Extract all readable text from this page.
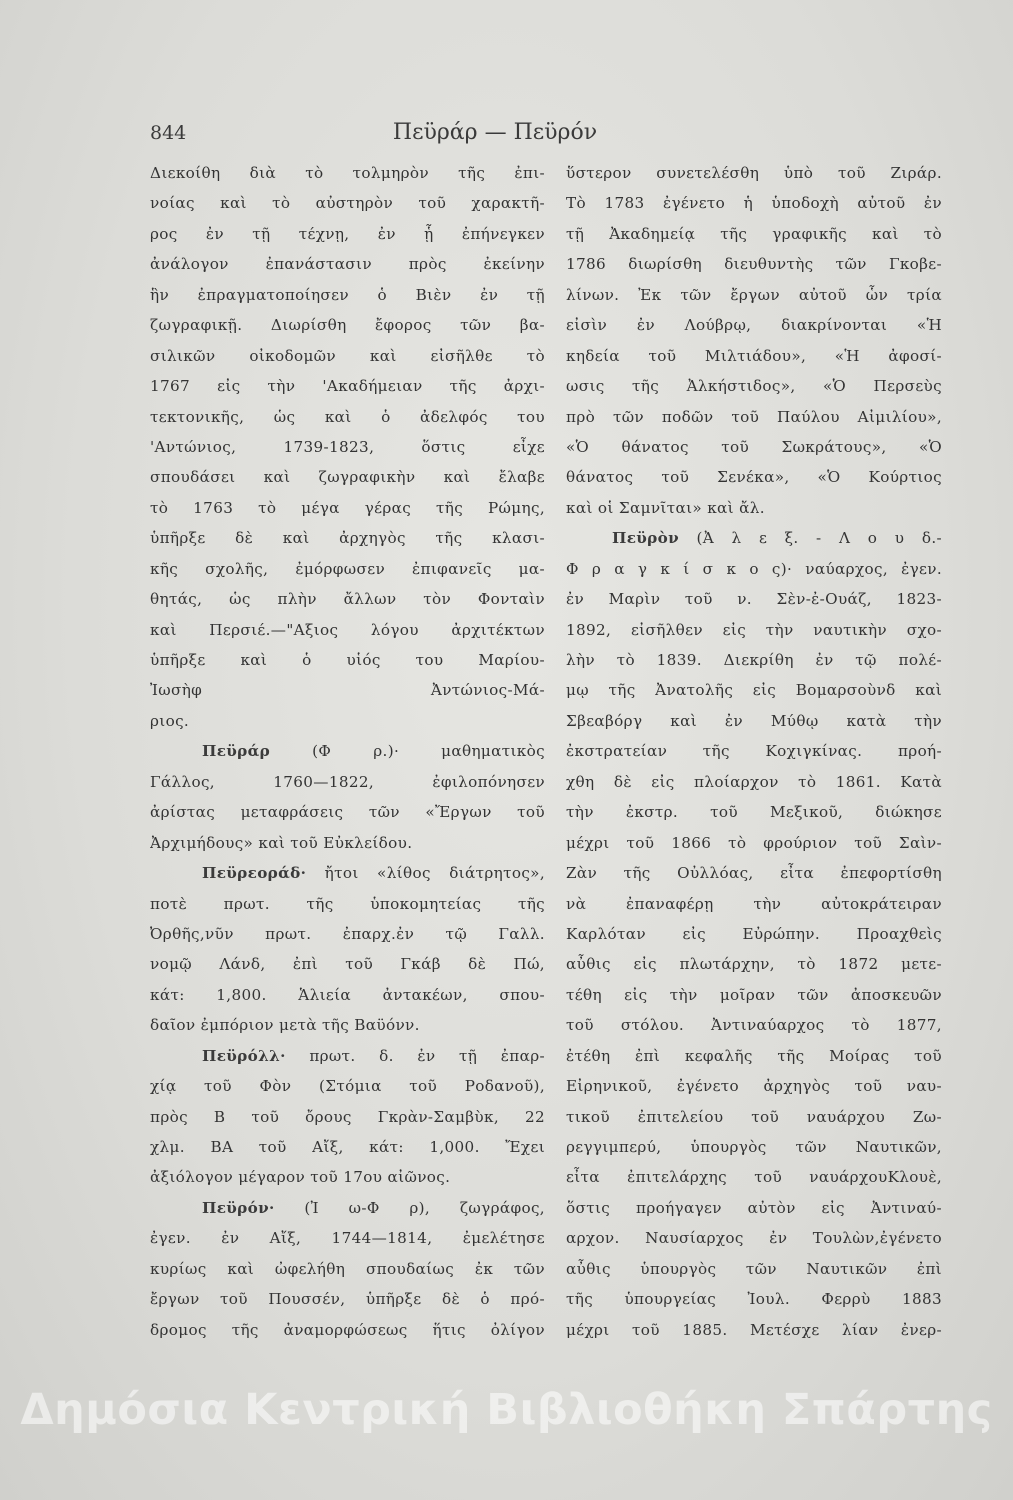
844	Πεϋράρ — Πεϋρόν
Διεκοίθη διὰ τὸ τολμηρὸν τῆς ἐπι-
νοίας καὶ τὸ αὐστηρὸν τοῦ χαρακτῆ-
ρος ἐν τῇ τέχνῃ, ἐν ᾗ ἐπήνεγκεν
ἀνάλογον ἐπανάστασιν πρὸς ἐκείνην
ἣν ἐπραγματοποίησεν ὁ Βιὲν ἐν τῇ
ζωγραφικῇ. Διωρίσθη ἔφορος τῶν βα-
σιλικῶν οἰκοδομῶν καὶ εἰσῆλθε τὸ
1767 εἰς τὴν 'Ακαδήμειαν τῆς ἀρχι-
τεκτονικῆς, ὡς καὶ ὁ ἀδελφός του
'Αντώνιος, 1739-1823, ὅστις εἶχε
σπουδάσει καὶ ζωγραφικὴν καὶ ἔλαβε
τὸ 1763 τὸ μέγα γέρας τῆς Ρώμης,
ὑπῆρξε δὲ καὶ ἀρχηγὸς τῆς κλασι-
κῆς σχολῆς, ἐμόρφωσεν ἐπιφανεῖς μα-
θητάς, ὡς πλὴν ἄλλων τὸν Φονταὶν
καὶ Περσιέ.—"Αξιος λόγου ἀρχιτέκτων
ὑπῆρξε καὶ ὁ υἱός του Μαρίου-
Ἰωσὴφ Ἀντώνιος-Μά-
ριος.
Πεϋράρ	(Φ ρ.)· μαθηματικὸς
Γάλλος, 1760—1822, ἐφιλοπόνησεν
ἀρίστας μεταφράσεις τῶν «Ἔργων τοῦ
Ἀρχιμήδους» καὶ τοῦ Εὐκλείδου.
Πεϋρεοράδ· ἤτοι «λίθος διάτρητος»,
ποτὲ πρωτ. τῆς ὑποκομητείας τῆς
Ὀρθῆς,νῦν πρωτ. ἐπαρχ.ἐν τῷ Γαλλ.
νομῷ Λάνδ, ἐπὶ τοῦ Γκάβ δὲ Πώ,
κάτ: 1,800. Ἁλιεία ἀντακέων, σπου-
δαῖον ἐμπόριον μετὰ τῆς Βαϋόνν.
Πεϋρόλλ· πρωτ. δ. ἐν τῇ ἐπαρ-
χίᾳ τοῦ Φὸν (Στόμια τοῦ Ροδανοῦ),
πρὸς Β τοῦ ὄρους Γκρὰν-Σαμβὺκ, 22
χλμ. ΒΑ τοῦ Αἴξ, κάτ: 1,000. Ἔχει
ἀξιόλογον μέγαρον τοῦ 17ου αἰῶνος.
Πεϋρόν· (Ἰ ω-Φ ρ), ζωγράφος,
ἐγεν. ἐν Αἴξ, 1744—1814, ἐμελέτησε
κυρίως καὶ ὠφελήθη σπουδαίως ἐκ τῶν
ἔργων τοῦ Πουσσέν, ὑπῆρξε δὲ ὁ πρό-
δρομος τῆς ἀναμορφώσεως ἥτις ὀλίγον
ὕστερον συνετελέσθη ὑπὸ τοῦ Ζιράρ.
Τὸ 1783 ἐγένετο ἡ ὑποδοχὴ αὐτοῦ ἐν
τῇ Ἀκαδημείᾳ τῆς γραφικῆς καὶ τὸ
1786 διωρίσθη διευθυντὴς τῶν Γκοβε-
λίνων. Ἐκ τῶν ἔργων αὐτοῦ ὧν τρία
εἰσὶν ἐν Λούβρῳ, διακρίνονται «Ἡ
κηδεία τοῦ Μιλτιάδου», «Ἡ ἀφοσί-
ωσις τῆς Ἀλκήστιδος», «Ὁ Περσεὺς
πρὸ τῶν ποδῶν τοῦ Παύλου Αἰμιλίου»,
«Ὁ θάνατος τοῦ Σωκράτους», «Ὁ
θάνατος τοῦ Σενέκα», «Ὁ Κούρτιος
καὶ οἱ Σαμνῖται» καὶ ἄλ.
Πεϋρὸν (Ἀ λ ε ξ. - Λ ο υ δ.-
Φ ρ α γ κ ί σ κ ο ς)· ναύαρχος, ἐγεν.
ἐν Μαρὶν τοῦ ν. Σὲν-ἐ-Ουάζ, 1823-
1892, εἰσῆλθεν εἰς τὴν ναυτικὴν σχο-
λὴν τὸ 1839. Διεκρίθη ἐν τῷ πολέ-
μῳ τῆς Ἀνατολῆς εἰς Βομαρσοὺνδ καὶ
Σβεαβόργ καὶ ἐν Μύθῳ κατὰ τὴν
ἐκστρατείαν τῆς Κοχιγκίνας. προή-
χθη δὲ εἰς πλοίαρχον τὸ 1861. Κατὰ
τὴν ἐκστρ. τοῦ Μεξικοῦ, διώκησε
μέχρι τοῦ 1866 τὸ φρούριον τοῦ Σαὶν-
Ζὰν τῆς Οὐλλόας, εἶτα ἐπεφορτίσθη
νὰ ἐπαναφέρῃ τὴν αὐτοκράτειραν
Καρλόταν εἰς Εὐρώπην. Προαχθεὶς
αὖθις εἰς πλωτάρχην, τὸ 1872 μετε-
τέθη εἰς τὴν μοῖραν τῶν ἀποσκευῶν
τοῦ στόλου. Ἀντιναύαρχος τὸ 1877,
ἐτέθη ἐπὶ κεφαλῆς τῆς Μοίρας τοῦ
Εἰρηνικοῦ, ἐγένετο ἀρχηγὸς τοῦ ναυ-
τικοῦ ἐπιτελείου τοῦ ναυάρχου Ζω-
ρεγγιμπερύ, ὑπουργὸς τῶν Ναυτικῶν,
εἶτα ἐπιτελάρχης τοῦ ναυάρχουΚλουὲ,
ὅστις προήγαγεν αὐτὸν εἰς Ἀντιναύ-
αρχον. Ναυσίαρχος ἐν Τουλὼν,ἐγένετο
αὖθις ὑπουργὸς τῶν Ναυτικῶν ἐπὶ
τῆς ὑπουργείας Ἰουλ. Φερρὺ 1883
μέχρι τοῦ 1885. Μετέσχε λίαν ἐνερ-
Δημόσια Κεντρική Βιβλιοθήκη Σπάρτης
